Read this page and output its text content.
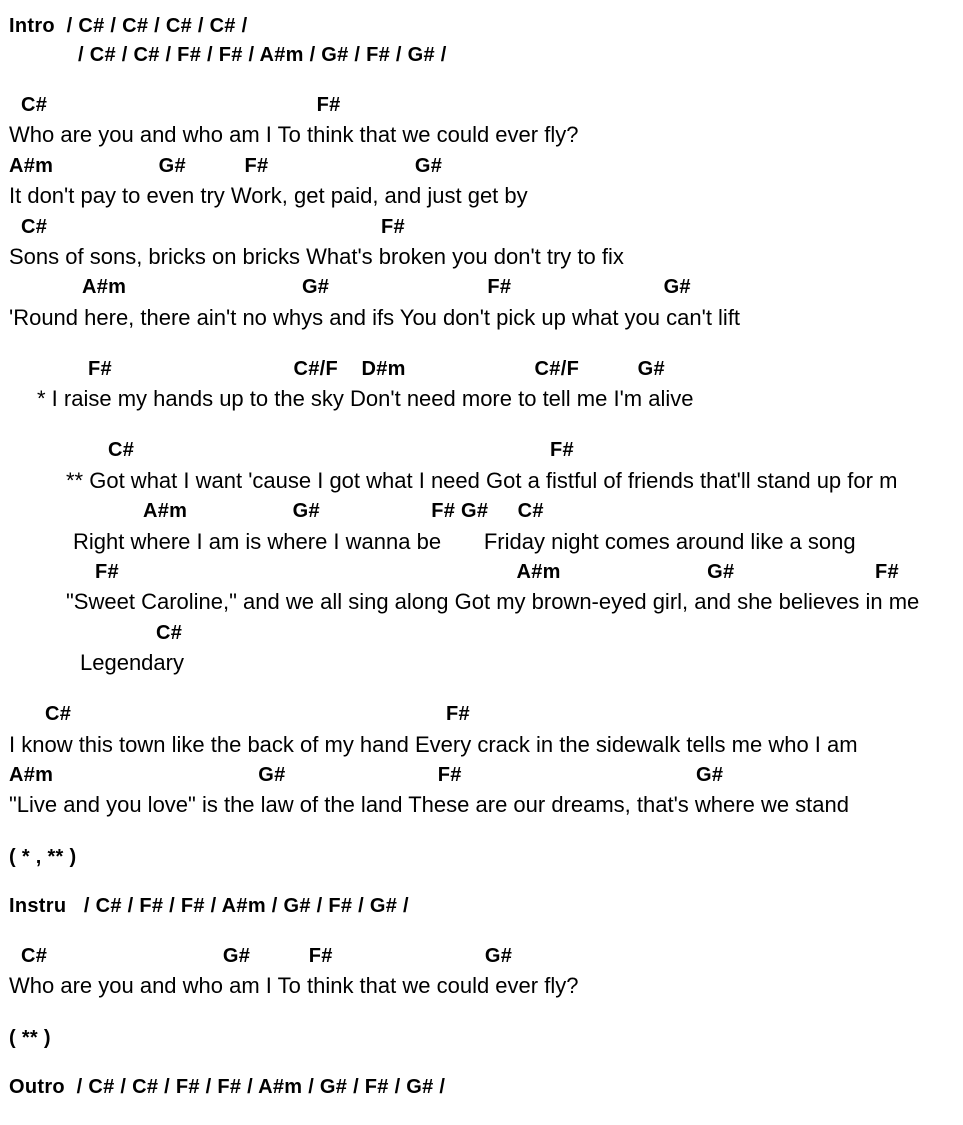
Intro  / C# / C# / C# / C# /
/ C# / C# / F# / F# / A#m / G# / F# / G# /
C#                                              F#
Who are you and who am I To think that we could ever fly?
A#m                  G#          F#                         G#
It don't pay to even try Work, get paid, and just get by
C#                                                         F#
Sons of sons, bricks on bricks What's broken you don't try to fix
A#m                              G#                           F#                          G#
'Round here, there ain't no whys and ifs You don't pick up what you can't lift
F#                               C#/F    D#m                      C#/F          G#
* I raise my hands up to the sky Don't need more to tell me I'm alive
C#                                                                       F#
** Got what I want 'cause I got what I need Got a fistful of friends that'll stand up for m
A#m                  G#                   F# G#     C#
Right where I am is where I wanna be       Friday night comes around like a song
F#                                                                    A#m                         G#                        F#
"Sweet Caroline," and we all sing along Got my brown-eyed girl, and she believes in me
C#
Legendary
C#                                                                F#
I know this town like the back of my hand Every crack in the sidewalk tells me who I am
A#m                                   G#                          F#                                        G#
"Live and you love" is the law of the land These are our dreams, that's where we stand
( * , ** )
Instru   / C# / F# / F# / A#m / G# / F# / G# /
C#                              G#          F#                          G#
Who are you and who am I To think that we could ever fly?
( ** )
Outro  / C# / C# / F# / F# / A#m / G# / F# / G# /
